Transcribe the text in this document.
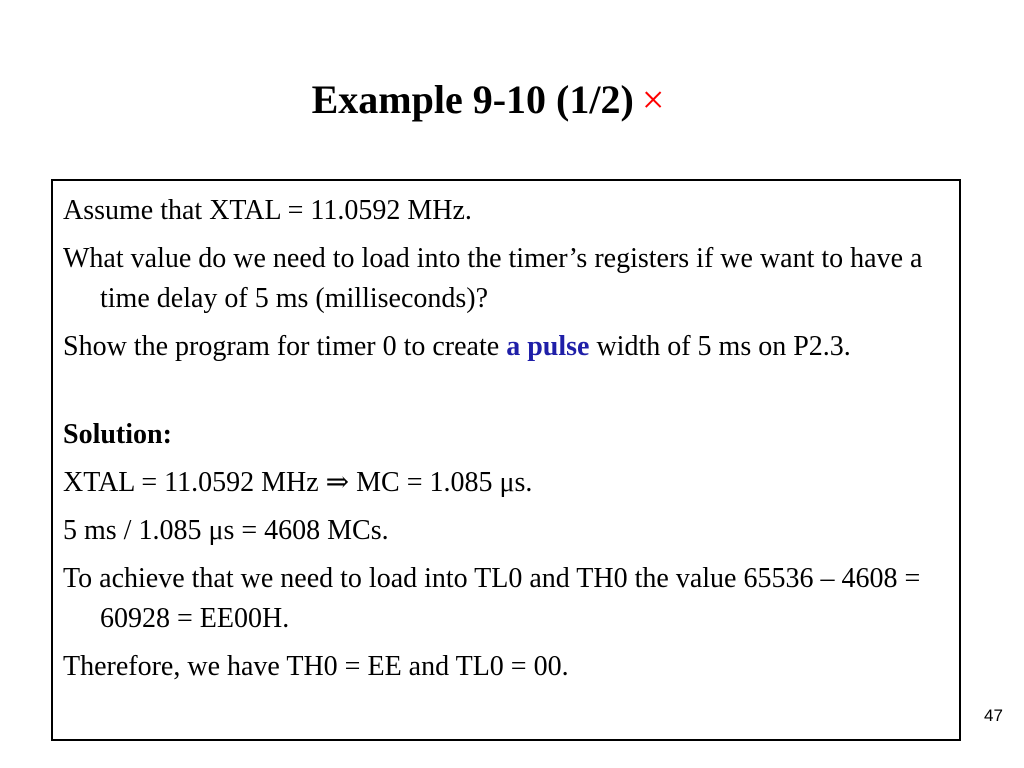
Example 9-10 (1/2) ×

Assume that XTAL = 11.0592 MHz.

What value do we need to load into the timer’s registers if we want to have a time delay of 5 ms (milliseconds)?

Show the program for timer 0 to create a pulse width of 5 ms on P2.3.

Solution:

XTAL = 11.0592 MHz ⇒ MC = 1.085 μs.

5 ms / 1.085 μs = 4608 MCs.

To achieve that we need to load into TL0 and TH0 the value 65536 – 4608 = 60928 = EE00H.

Therefore, we have TH0 = EE and TL0 = 00.

47
